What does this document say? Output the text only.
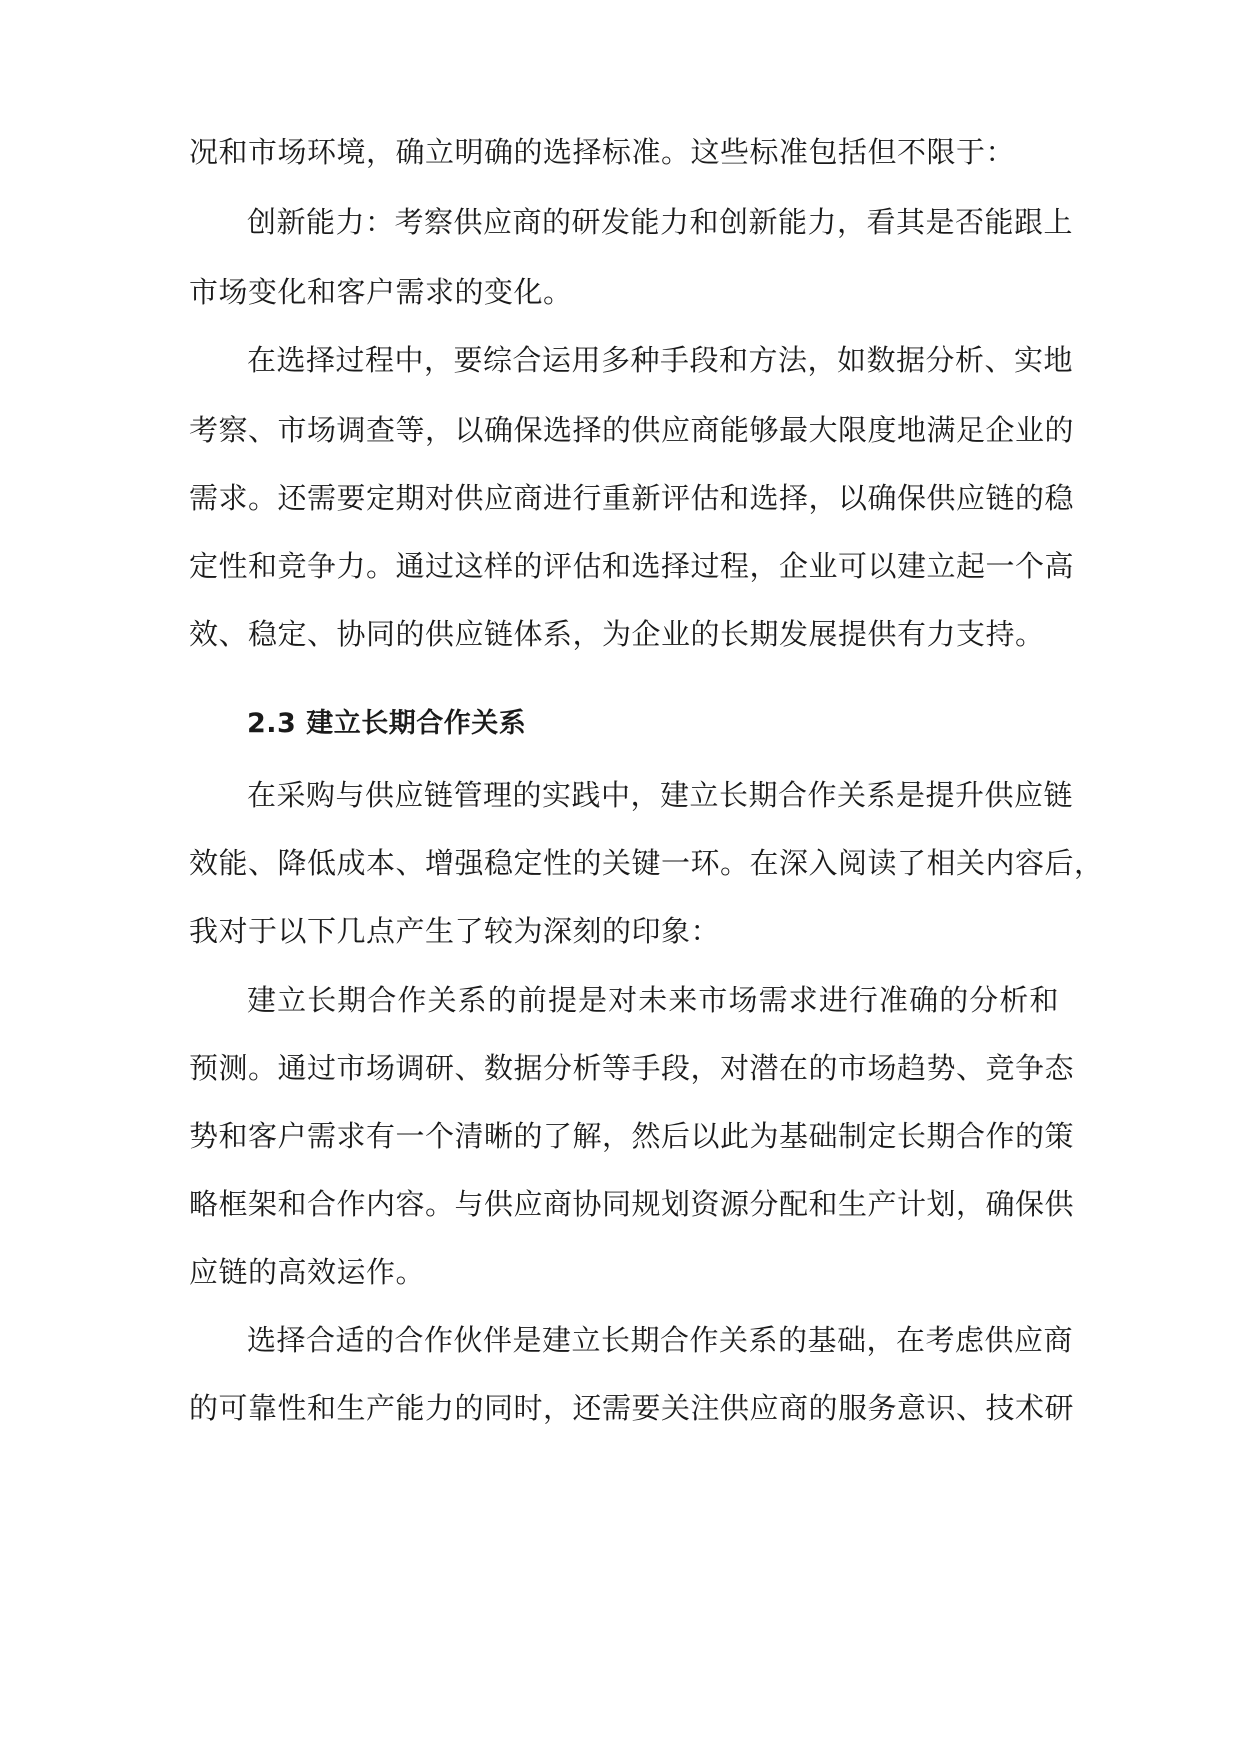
况和市场环境，确立明确的选择标准。这些标准包括但不限于：
创新能力：考察供应商的研发能力和创新能力，看其是否能跟上
市场变化和客户需求的变化。
在选择过程中，要综合运用多种手段和方法，如数据分析、实地
考察、市场调查等，以确保选择的供应商能够最大限度地满足企业的
需求。还需要定期对供应商进行重新评估和选择，以确保供应链的稳
定性和竞争力。通过这样的评估和选择过程，企业可以建立起一个高
效、稳定、协同的供应链体系，为企业的长期发展提供有力支持。
2.3 建立长期合作关系
在采购与供应链管理的实践中，建立长期合作关系是提升供应链
效能、降低成本、增强稳定性的关键一环。在深入阅读了相关内容后，
我对于以下几点产生了较为深刻的印象：
建立长期合作关系的前提是对未来市场需求进行准确的分析和
预测。通过市场调研、数据分析等手段，对潜在的市场趋势、竞争态
势和客户需求有一个清晰的了解，然后以此为基础制定长期合作的策
略框架和合作内容。与供应商协同规划资源分配和生产计划，确保供
应链的高效运作。
选择合适的合作伙伴是建立长期合作关系的基础，在考虑供应商
的可靠性和生产能力的同时，还需要关注供应商的服务意识、技术研
